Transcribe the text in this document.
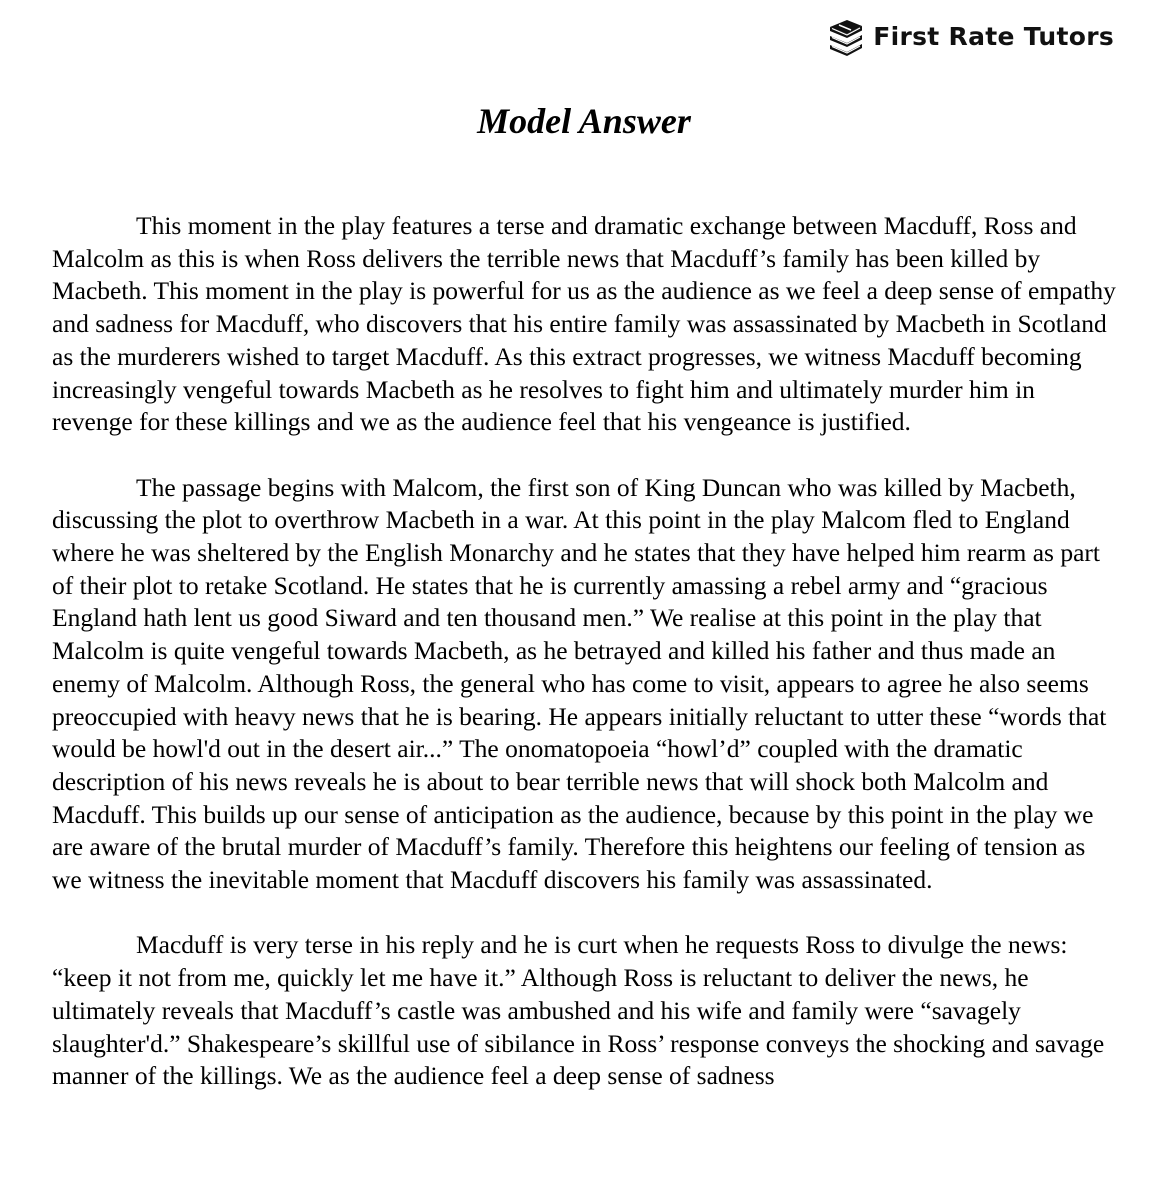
First Rate Tutors
Model Answer

This moment in the play features a terse and dramatic exchange between Macduff, Ross and Malcolm as this is when Ross delivers the terrible news that Macduff’s family has been killed by Macbeth. This moment in the play is powerful for us as the audience as we feel a deep sense of empathy and sadness for Macduff, who discovers that his entire family was assassinated by Macbeth in Scotland as the murderers wished to target Macduff. As this extract progresses, we witness Macduff becoming increasingly vengeful towards Macbeth as he resolves to fight him and ultimately murder him in revenge for these killings and we as the audience feel that his vengeance is justified.

The passage begins with Malcom, the first son of King Duncan who was killed by Macbeth, discussing the plot to overthrow Macbeth in a war. At this point in the play Malcom fled to England where he was sheltered by the English Monarchy and he states that they have helped him rearm as part of their plot to retake Scotland. He states that he is currently amassing a rebel army and “gracious England hath lent us good Siward and ten thousand men.” We realise at this point in the play that Malcolm is quite vengeful towards Macbeth, as he betrayed and killed his father and thus made an enemy of Malcolm. Although Ross, the general who has come to visit, appears to agree he also seems preoccupied with heavy news that he is bearing. He appears initially reluctant to utter these “words that would be howl'd out in the desert air...” The onomatopoeia “howl’d” coupled with the dramatic description of his news reveals he is about to bear terrible news that will shock both Malcolm and Macduff. This builds up our sense of anticipation as the audience, because by this point in the play we are aware of the brutal murder of Macduff’s family. Therefore this heightens our feeling of tension as we witness the inevitable moment that Macduff discovers his family was assassinated.

Macduff is very terse in his reply and he is curt when he requests Ross to divulge the news: “keep it not from me, quickly let me have it.” Although Ross is reluctant to deliver the news, he ultimately reveals that Macduff’s castle was ambushed and his wife and family were “savagely slaughter'd.” Shakespeare’s skillful use of sibilance in Ross’ response conveys the shocking and savage manner of the killings. We as the audience feel a deep sense of sadness
